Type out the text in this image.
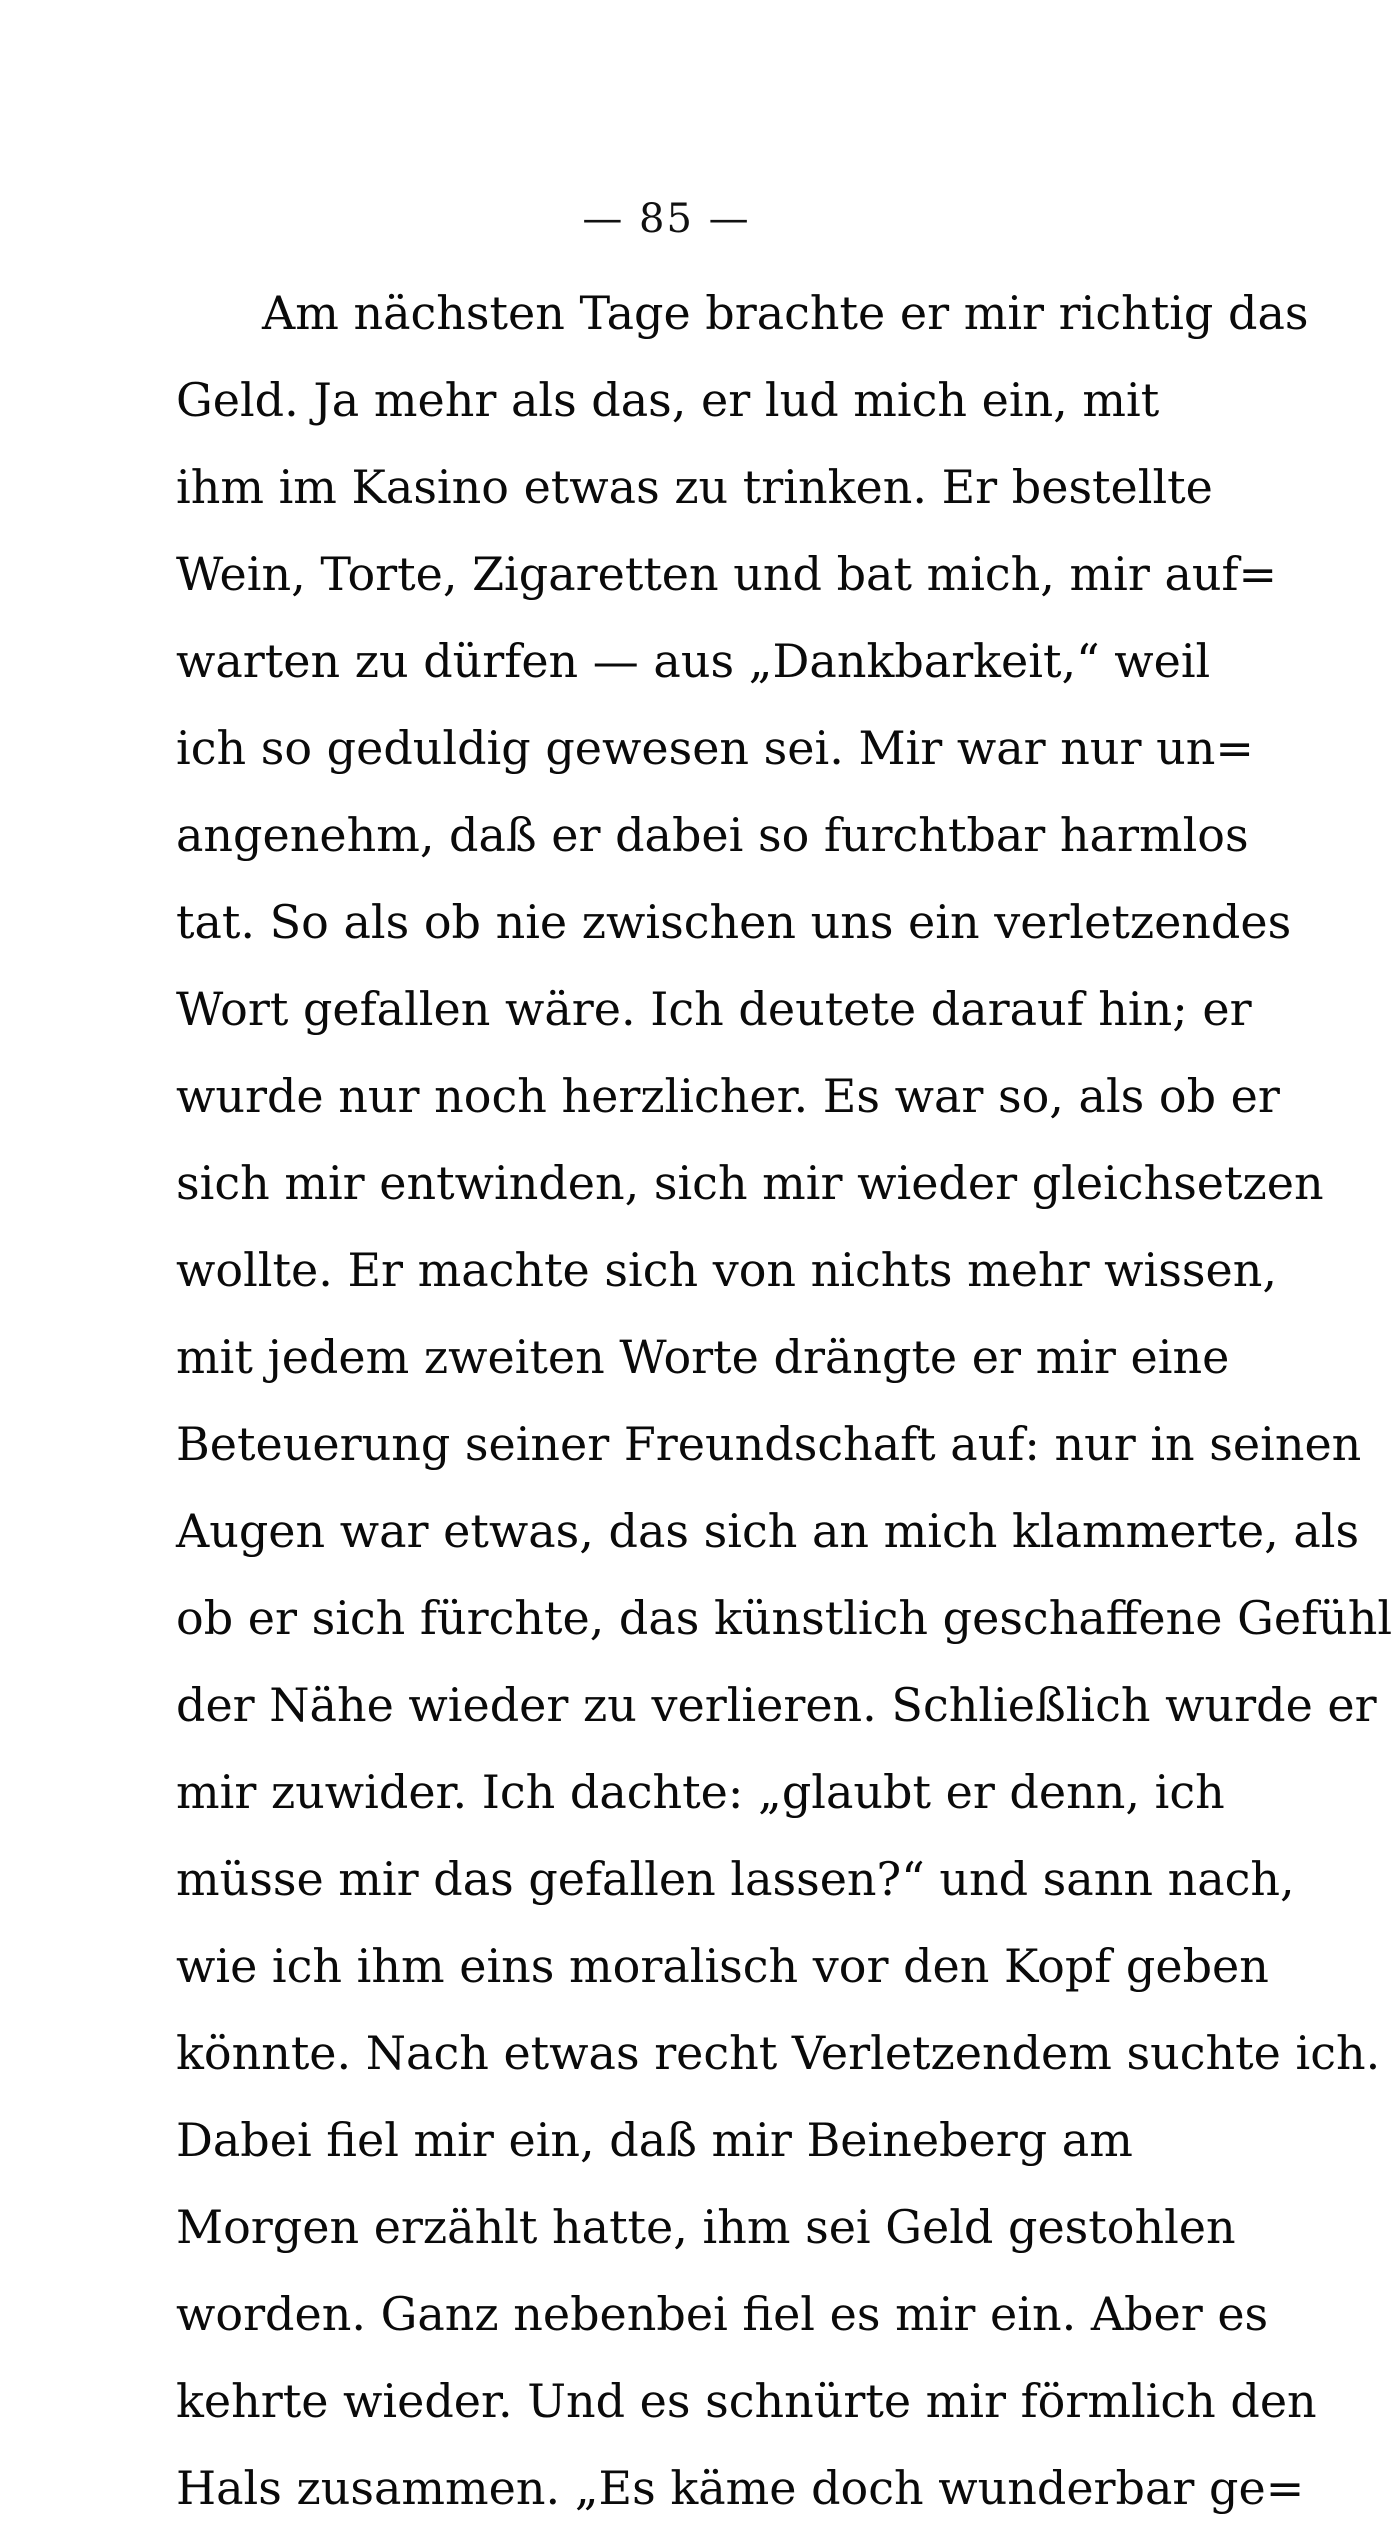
— 85 —
Am nächsten Tage brachte er mir richtig das
Geld. Ja mehr als das, er lud mich ein, mit
ihm im Kasino etwas zu trinken. Er bestellte
Wein, Torte, Zigaretten und bat mich, mir auf=
warten zu dürfen — aus „Dankbarkeit,“ weil
ich so geduldig gewesen sei. Mir war nur un=
angenehm, daß er dabei so furchtbar harmlos
tat. So als ob nie zwischen uns ein verletzendes
Wort gefallen wäre. Ich deutete darauf hin; er
wurde nur noch herzlicher. Es war so, als ob er
sich mir entwinden, sich mir wieder gleichsetzen
wollte. Er machte sich von nichts mehr wissen,
mit jedem zweiten Worte drängte er mir eine
Beteuerung seiner Freundschaft auf: nur in seinen
Augen war etwas, das sich an mich klammerte, als
ob er sich fürchte, das künstlich geschaffene Gefühl
der Nähe wieder zu verlieren. Schließlich wurde er
mir zuwider. Ich dachte: „glaubt er denn, ich
müsse mir das gefallen lassen?“ und sann nach,
wie ich ihm eins moralisch vor den Kopf geben
könnte. Nach etwas recht Verletzendem suchte ich.
Dabei fiel mir ein, daß mir Beineberg am
Morgen erzählt hatte, ihm sei Geld gestohlen
worden. Ganz nebenbei fiel es mir ein. Aber es
kehrte wieder. Und es schnürte mir förmlich den
Hals zusammen. „Es käme doch wunderbar ge=
